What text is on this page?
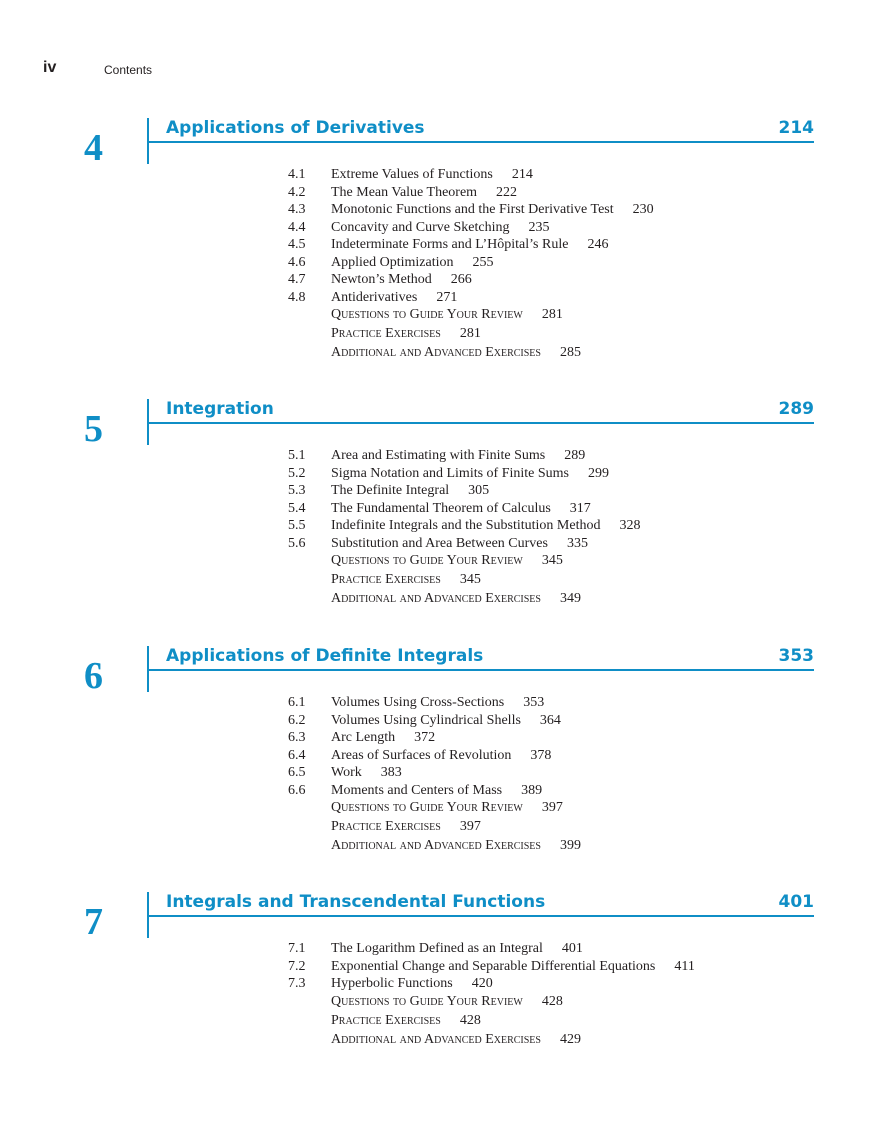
iv	Contents
4	Applications of Derivatives	214
4.1	Extreme Values of Functions 214
4.2	The Mean Value Theorem 222
4.3	Monotonic Functions and the First Derivative Test 230
4.4	Concavity and Curve Sketching 235
4.5	Indeterminate Forms and L’Hôpital’s Rule 246
4.6	Applied Optimization 255
4.7	Newton’s Method 266
4.8	Antiderivatives 271
Questions to Guide Your Review 281
Practice Exercises 281
Additional and Advanced Exercises 285
5	Integration	289
5.1	Area and Estimating with Finite Sums 289
5.2	Sigma Notation and Limits of Finite Sums 299
5.3	The Definite Integral 305
5.4	The Fundamental Theorem of Calculus 317
5.5	Indefinite Integrals and the Substitution Method 328
5.6	Substitution and Area Between Curves 335
Questions to Guide Your Review 345
Practice Exercises 345
Additional and Advanced Exercises 349
6	Applications of Definite Integrals	353
6.1	Volumes Using Cross-Sections 353
6.2	Volumes Using Cylindrical Shells 364
6.3	Arc Length 372
6.4	Areas of Surfaces of Revolution 378
6.5	Work 383
6.6	Moments and Centers of Mass 389
Questions to Guide Your Review 397
Practice Exercises 397
Additional and Advanced Exercises 399
7	Integrals and Transcendental Functions	401
7.1	The Logarithm Defined as an Integral 401
7.2	Exponential Change and Separable Differential Equations 411
7.3	Hyperbolic Functions 420
Questions to Guide Your Review 428
Practice Exercises 428
Additional and Advanced Exercises 429
